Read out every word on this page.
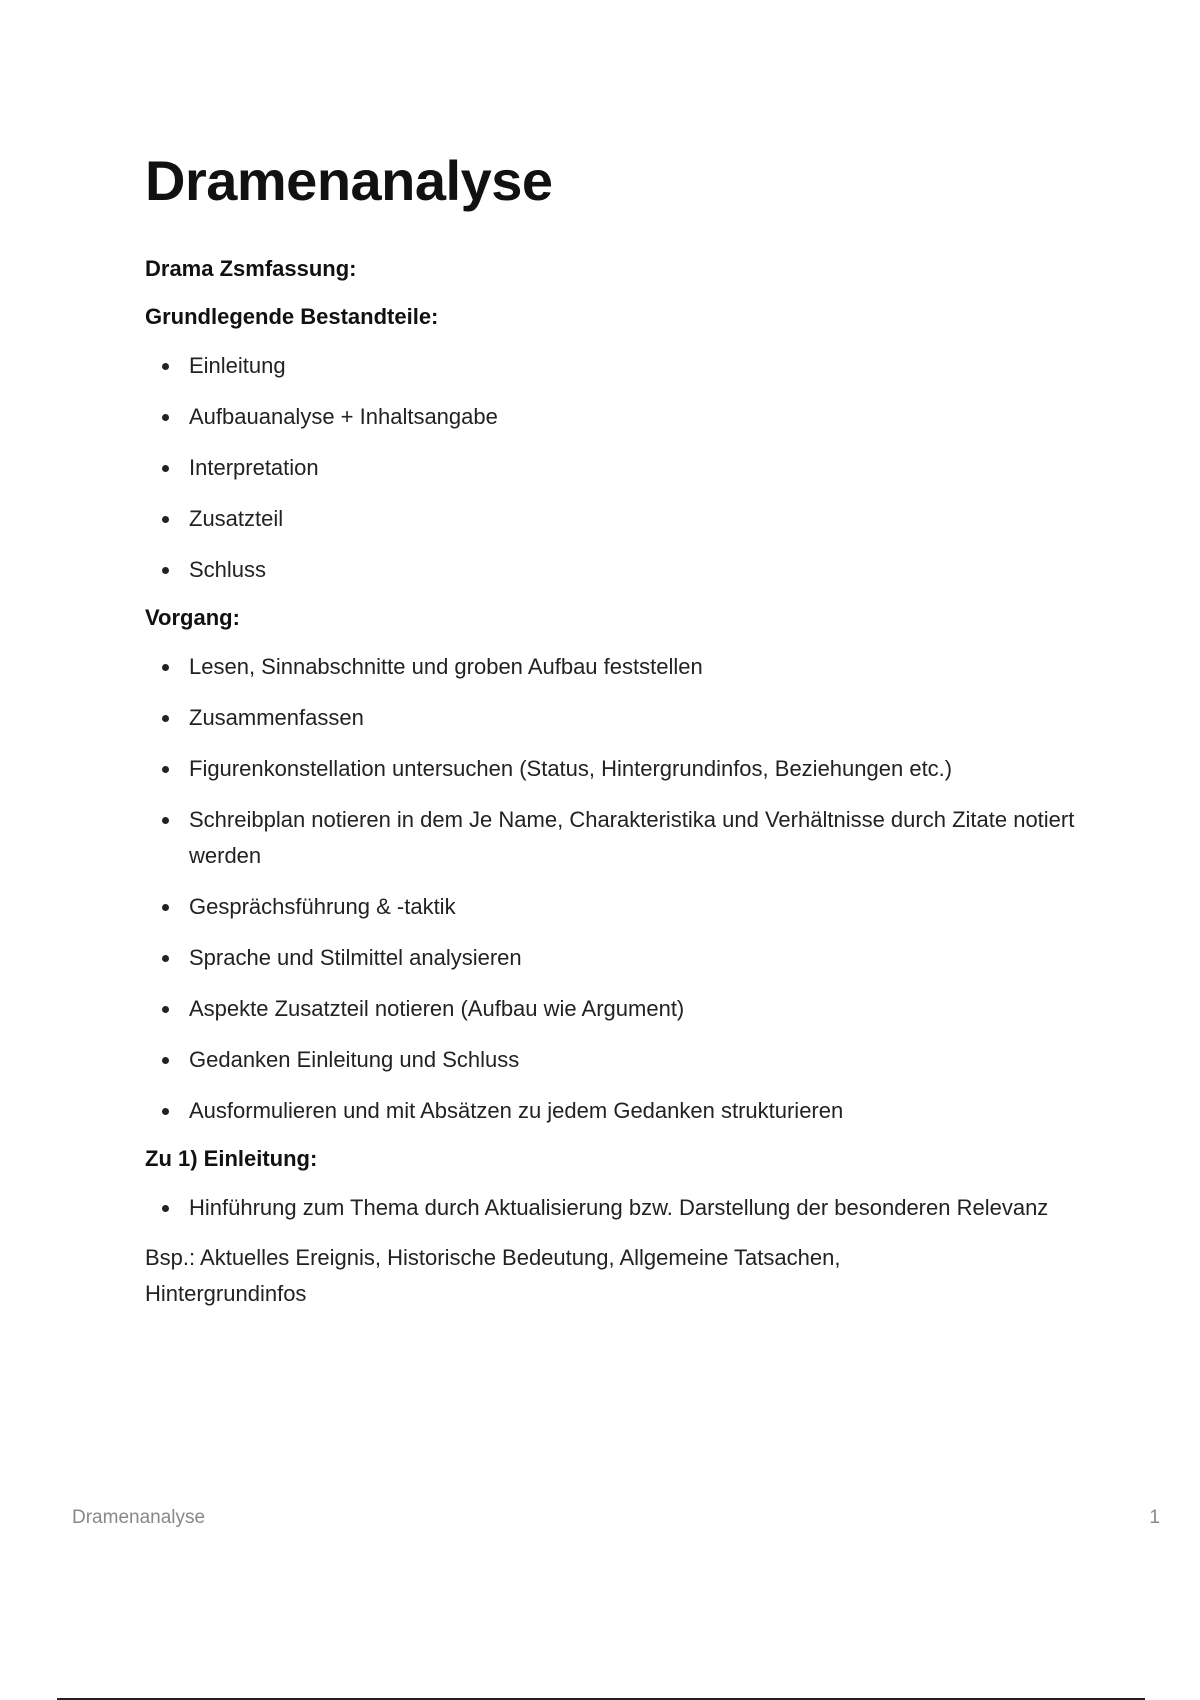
Dramenanalyse
Drama Zsmfassung:
Grundlegende Bestandteile:
Einleitung
Aufbauanalyse + Inhaltsangabe
Interpretation
Zusatzteil
Schluss
Vorgang:
Lesen, Sinnabschnitte und groben Aufbau feststellen
Zusammenfassen
Figurenkonstellation untersuchen (Status, Hintergrundinfos, Beziehungen etc.)
Schreibplan notieren in dem Je Name, Charakteristika und Verhältnisse durch Zitate notiert werden
Gesprächsführung & -taktik
Sprache und Stilmittel analysieren
Aspekte Zusatzteil notieren (Aufbau wie Argument)
Gedanken Einleitung und Schluss
Ausformulieren und mit Absätzen zu jedem Gedanken strukturieren
Zu 1) Einleitung:
Hinführung zum Thema durch Aktualisierung bzw. Darstellung der besonderen Relevanz
Bsp.: Aktuelles Ereignis, Historische Bedeutung, Allgemeine Tatsachen, Hintergrundinfos
Dramenanalyse	1
